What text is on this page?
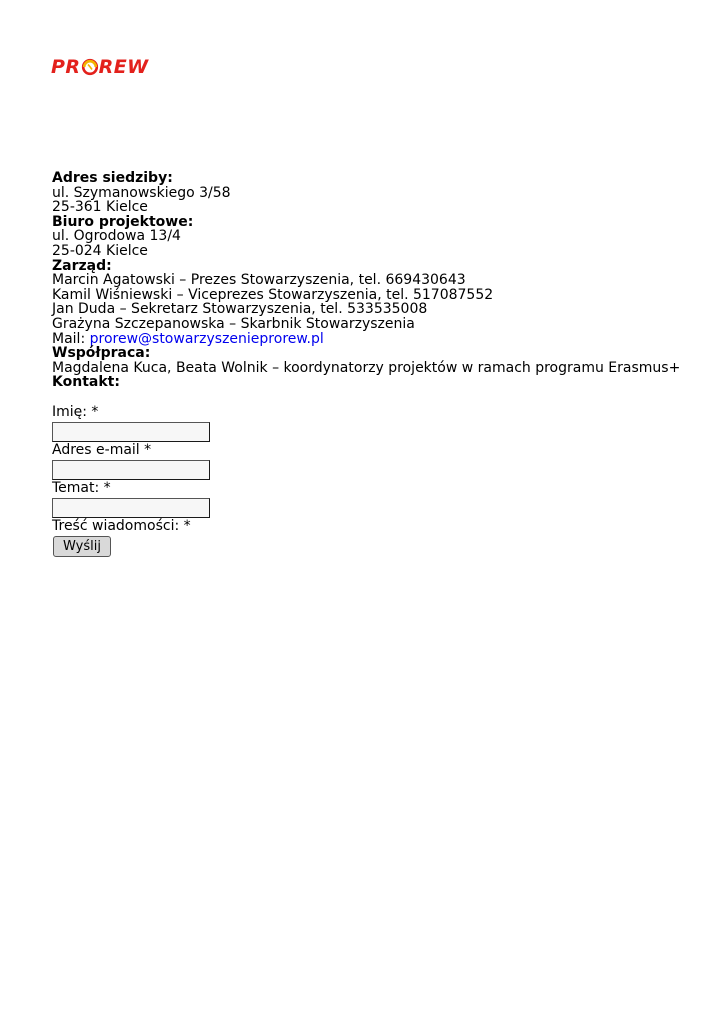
PR REW
Adres siedziby:
ul. Szymanowskiego 3/58
25-361 Kielce
Biuro projektowe:
ul. Ogrodowa 13/4
25-024 Kielce
Zarząd:
Marcin Agatowski – Prezes Stowarzyszenia, tel. 669430643
Kamil Wiśniewski – Viceprezes Stowarzyszenia, tel. 517087552
Jan Duda – Sekretarz Stowarzyszenia, tel. 533535008
Grażyna Szczepanowska – Skarbnik Stowarzyszenia
Mail: prorew@stowarzyszenieprorew.pl
Współpraca:
Magdalena Kuca, Beata Wolnik – koordynatorzy projektów w ramach programu Erasmus+
Kontakt:
Imię: *
Adres e-mail *
Temat: *
Treść wiadomości: *
Wyślij
